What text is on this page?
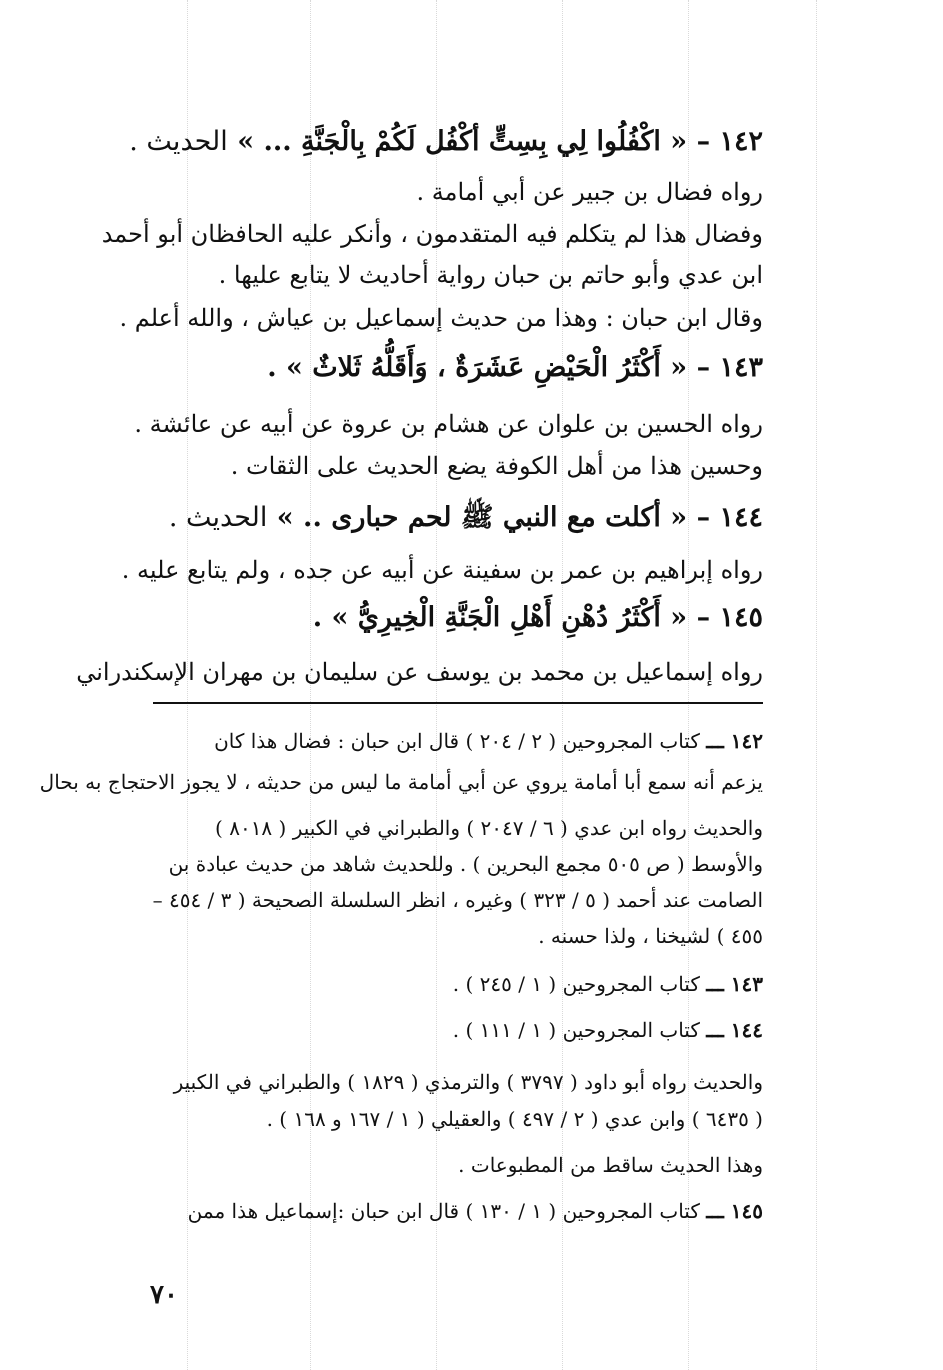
١٤٢ – « اكْفُلُوا لِي بِسِتٍّ أكْفُل لَكُمْ بِالْجَنَّةِ ... » الحديث .
رواه فضال بن جبير عن أبي أمامة .
وفضال هذا لم يتكلم فيه المتقدمون ، وأنكر عليه الحافظان أبو أحمد
ابن عدي وأبو حاتم بن حبان رواية أحاديث لا يتابع عليها .
وقال ابن حبان : وهذا من حديث إسماعيل بن عياش ، والله أعلم .
١٤٣ – « أَكْثَرُ الْحَيْضِ عَشَرَةٌ ، وَأَقَلُّهُ ثَلاثٌ » .
رواه الحسين بن علوان عن هشام بن عروة عن أبيه عن عائشة .
وحسين هذا من أهل الكوفة يضع الحديث على الثقات .
١٤٤ – « أكلت مع النبي ﷺ لحم حبارى .. » الحديث .
رواه إبراهيم بن عمر بن سفينة عن أبيه عن جده ، ولم يتابع عليه .
١٤٥ – « أَكْثَرُ دُهْنِ أَهْلِ الْجَنَّةِ الْخِيرِيُّ » .
رواه إسماعيل بن محمد بن يوسف عن سليمان بن مهران الإسكندراني
١٤٢ ـــ كتاب المجروحين ( ٢ / ٢٠٤ ) قال ابن حبان : فضال هذا كان
يزعم أنه سمع أبا أمامة يروي عن أبي أمامة ما ليس من حديثه ، لا يجوز الاحتجاج به بحال
والحديث رواه ابن عدي ( ٦ / ٢٠٤٧ ) والطبراني في الكبير ( ٨٠١٨ )
والأوسط ( ص ٥٠٥ مجمع البحرين ) . وللحديث شاهد من حديث عبادة بن
الصامت عند أحمد ( ٥ / ٣٢٣ ) وغيره ، انظر السلسلة الصحيحة ( ٣ / ٤٥٤ –
٤٥٥ ) لشيخنا ، ولذا حسنه .
١٤٣ ـــ كتاب المجروحين ( ١ / ٢٤٥ ) .
١٤٤ ـــ كتاب المجروحين ( ١ / ١١١ ) .
والحديث رواه أبو داود ( ٣٧٩٧ ) والترمذي ( ١٨٢٩ ) والطبراني في الكبير
( ٦٤٣٥ ) وابن عدي ( ٢ / ٤٩٧ ) والعقيلي ( ١ / ١٦٧ و ١٦٨ ) .
وهذا الحديث ساقط من المطبوعات .
١٤٥ ـــ كتاب المجروحين ( ١ / ١٣٠ ) قال ابن حبان :إسماعيل هذا ممن
٧٠
